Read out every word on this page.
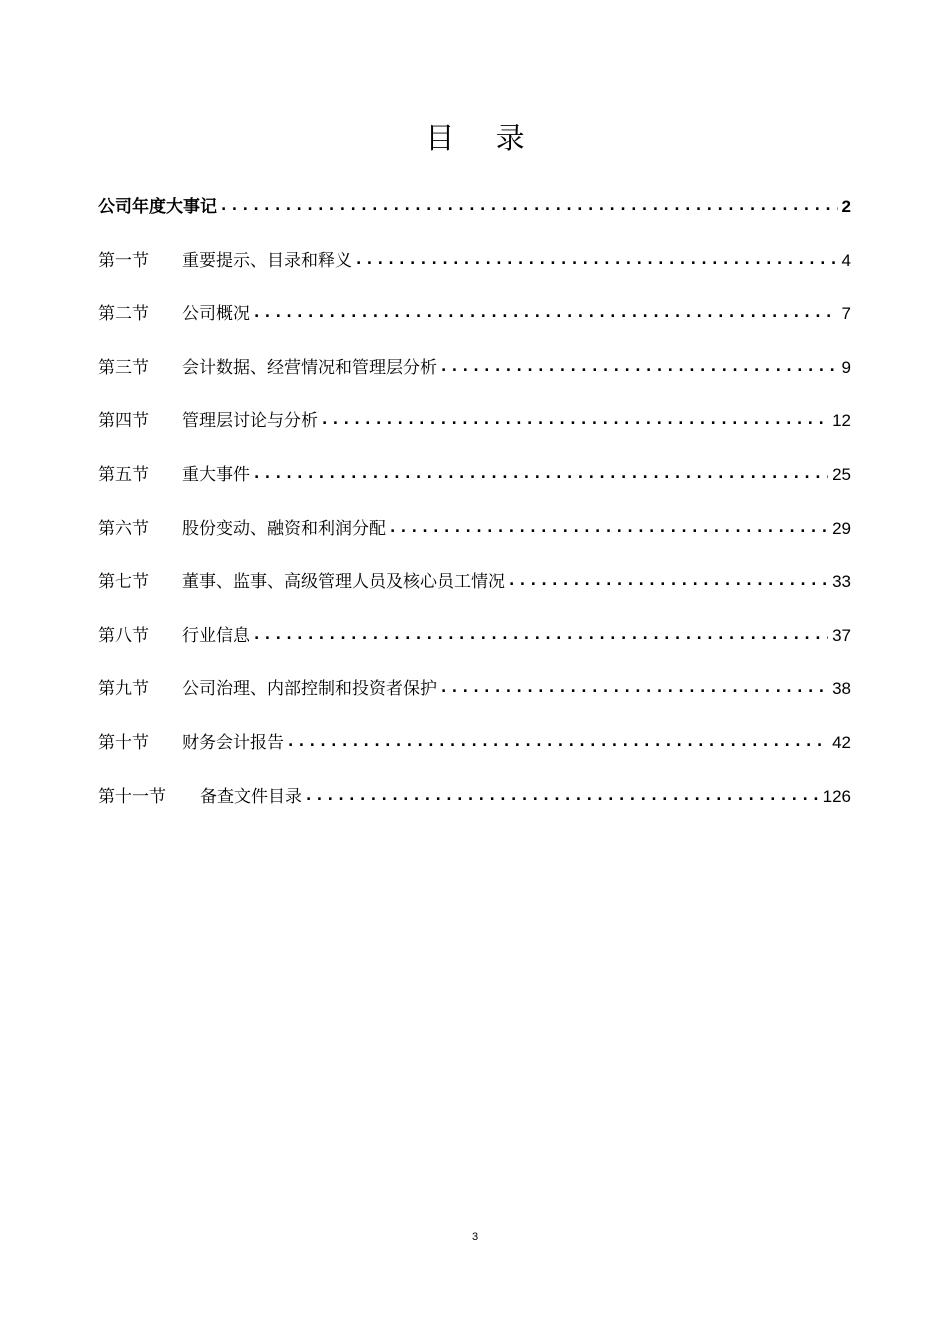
目 录
公司年度大事记 . . .	2
第一节	重要提示、目录和释义 . . .	4
第二节	公司概况 . . .	7
第三节	会计数据、经营情况和管理层分析 . . .	9
第四节	管理层讨论与分析 . . .	12
第五节	重大事件 . . .	25
第六节	股份变动、融资和利润分配 . . .	29
第七节	董事、监事、高级管理人员及核心员工情况 . . .	33
第八节	行业信息 . . .	37
第九节	公司治理、内部控制和投资者保护 . . .	38
第十节	财务会计报告 . . .	42
第十一节	备查文件目录 . . .	126
3
